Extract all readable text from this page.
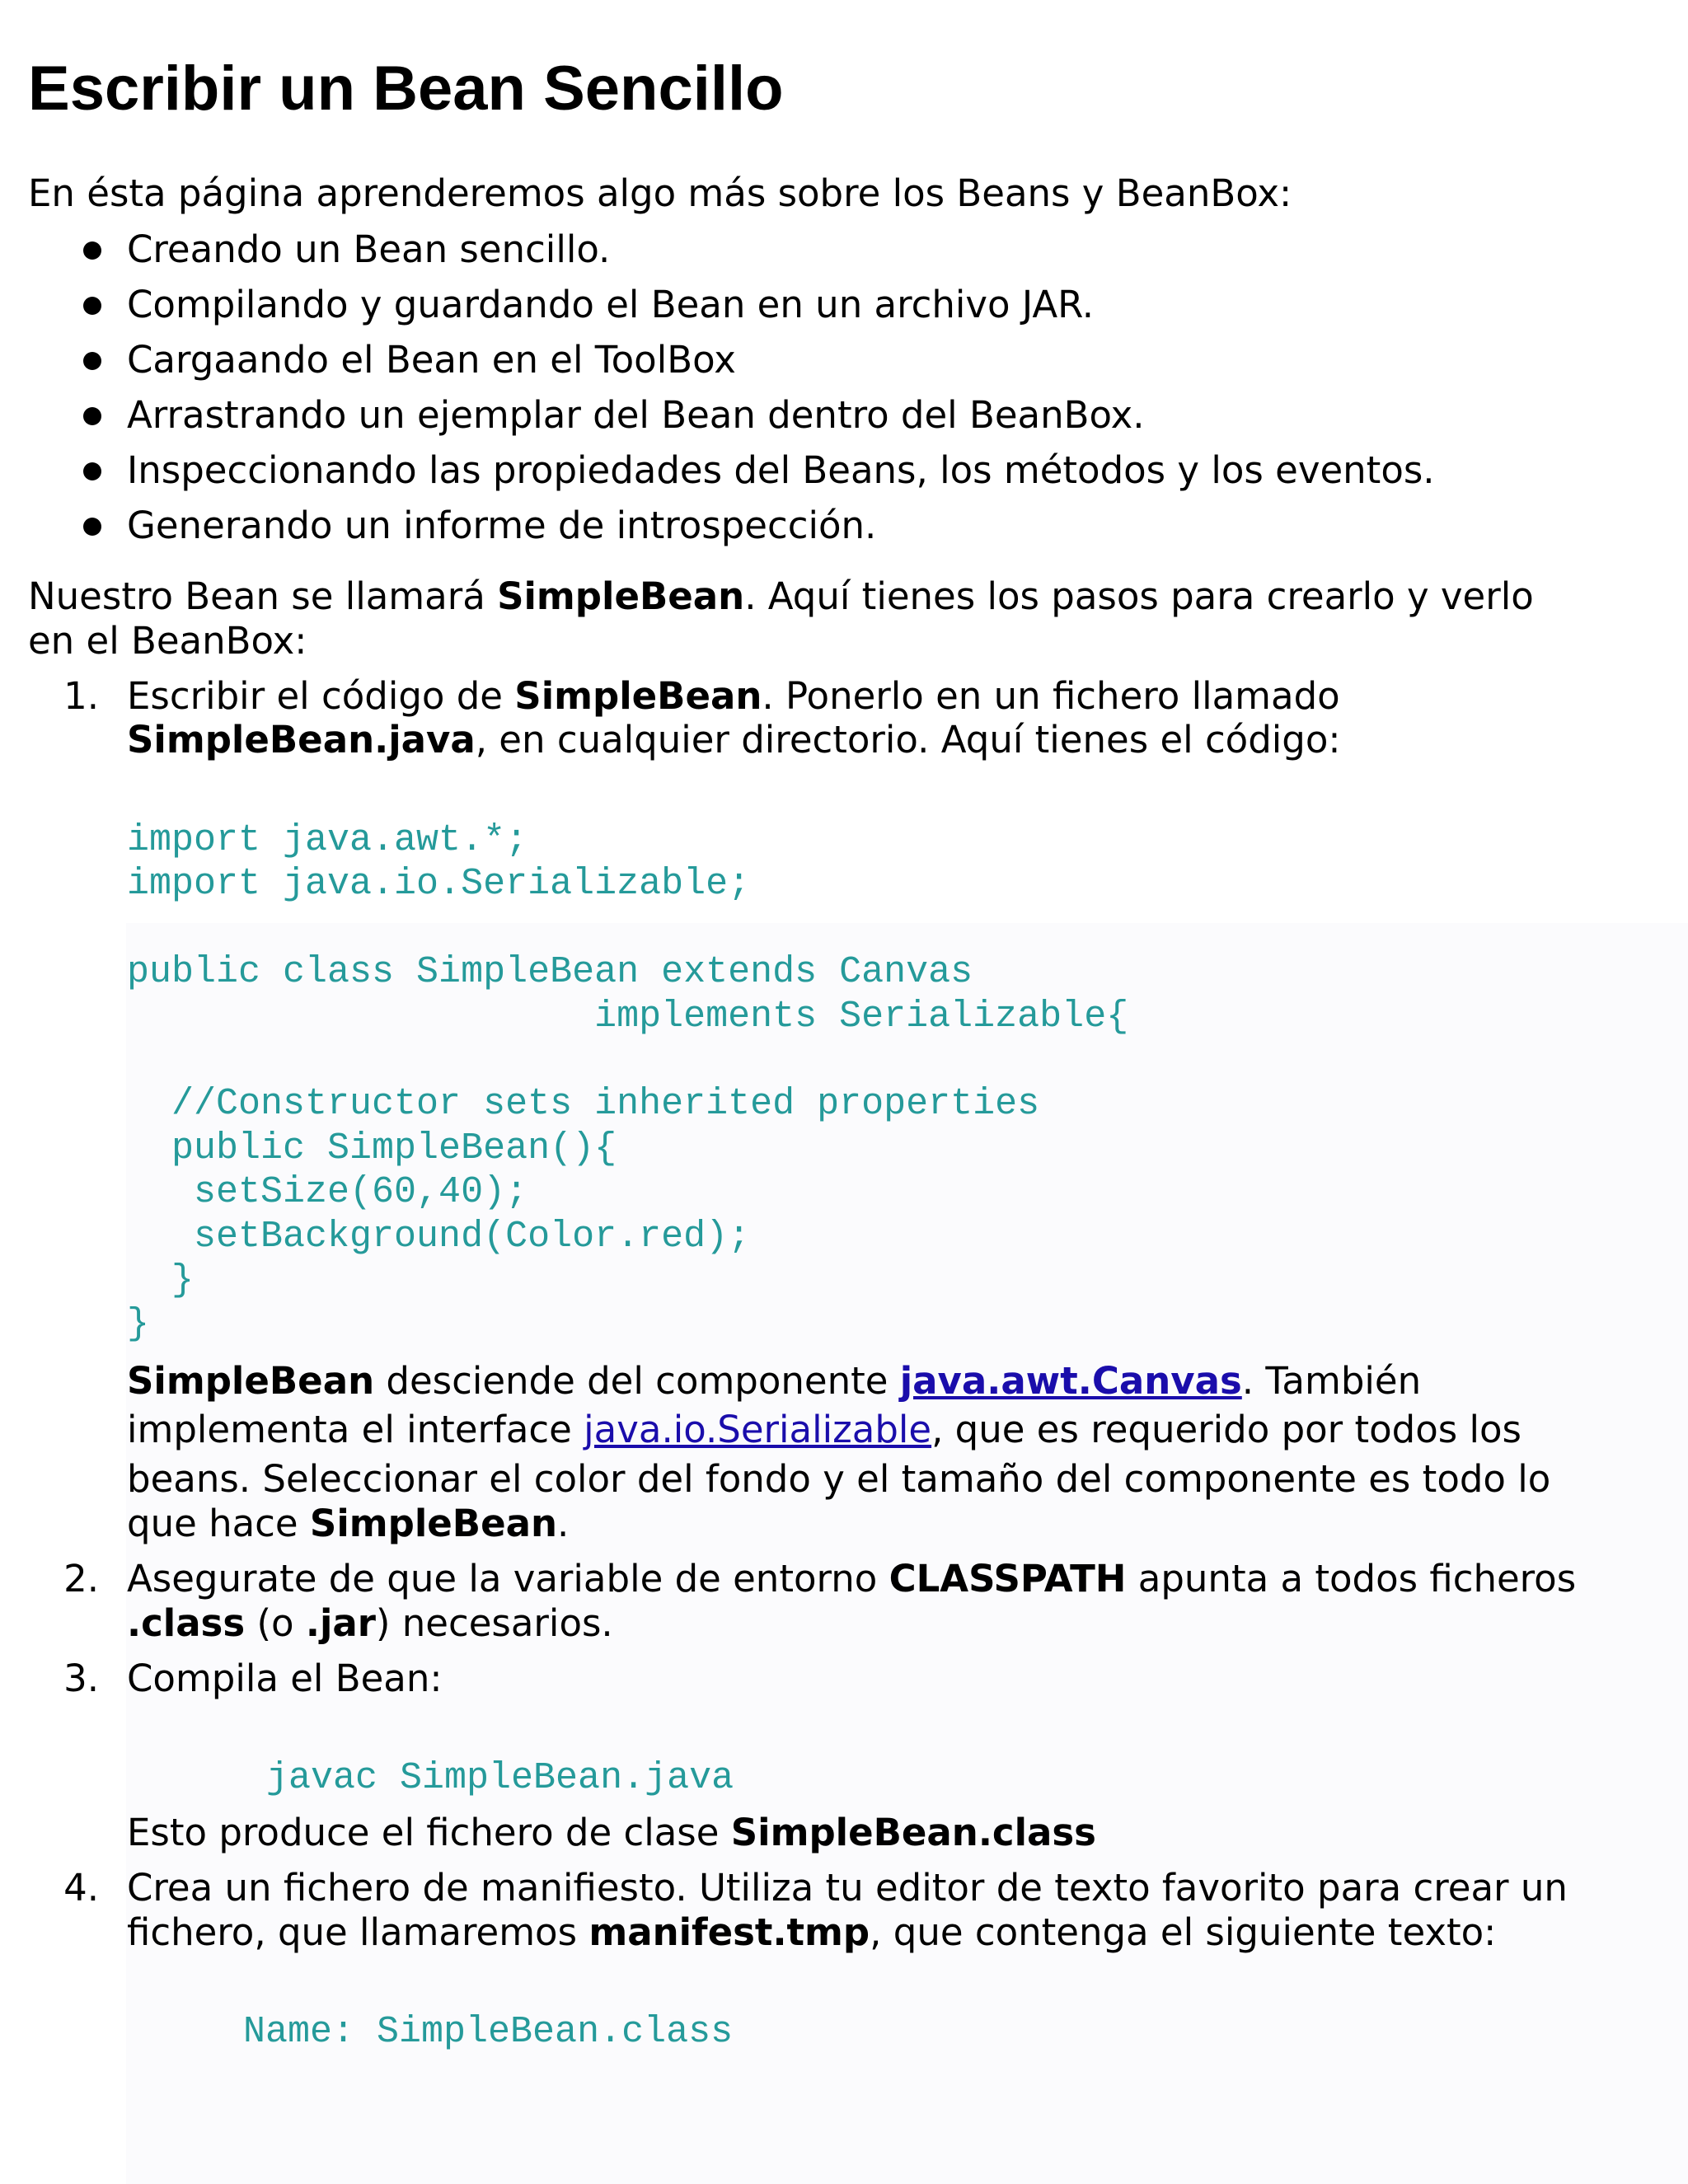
Escribir un Bean Sencillo

En ésta página aprenderemos algo más sobre los Beans y BeanBox:

Creando un Bean sencillo.
Compilando y guardando el Bean en un archivo JAR.
Cargaando el Bean en el ToolBox
Arrastrando un ejemplar del Bean dentro del BeanBox.
Inspeccionando las propiedades del Beans, los métodos y los eventos.
Generando un informe de introspección.

Nuestro Bean se llamará SimpleBean. Aquí tienes los pasos para crearlo y verlo

en el BeanBox:

1. Escribir el código de SimpleBean. Ponerlo en un fichero llamado
SimpleBean.java, en cualquier directorio. Aquí tienes el código:
import java.awt.*;
import java.io.Serializable;

public class SimpleBean extends Canvas
implements Serializable{

//Constructor sets inherited properties
public SimpleBean(){
setSize(60,40);
setBackground(Color.red);
}
}
SimpleBean desciende del componente java.awt.Canvas. También
implementa el interface java.io.Serializable, que es requerido por todos los
beans. Seleccionar el color del fondo y el tamaño del componente es todo lo
que hace SimpleBean.
2. Asegurate de que la variable de entorno CLASSPATH apunta a todos ficheros
.class (o .jar) necesarios.
3. Compila el Bean:
javac SimpleBean.java
Esto produce el fichero de clase SimpleBean.class
4. Crea un fichero de manifiesto. Utiliza tu editor de texto favorito para crear un
fichero, que llamaremos manifest.tmp, que contenga el siguiente texto:
Name: SimpleBean.class
